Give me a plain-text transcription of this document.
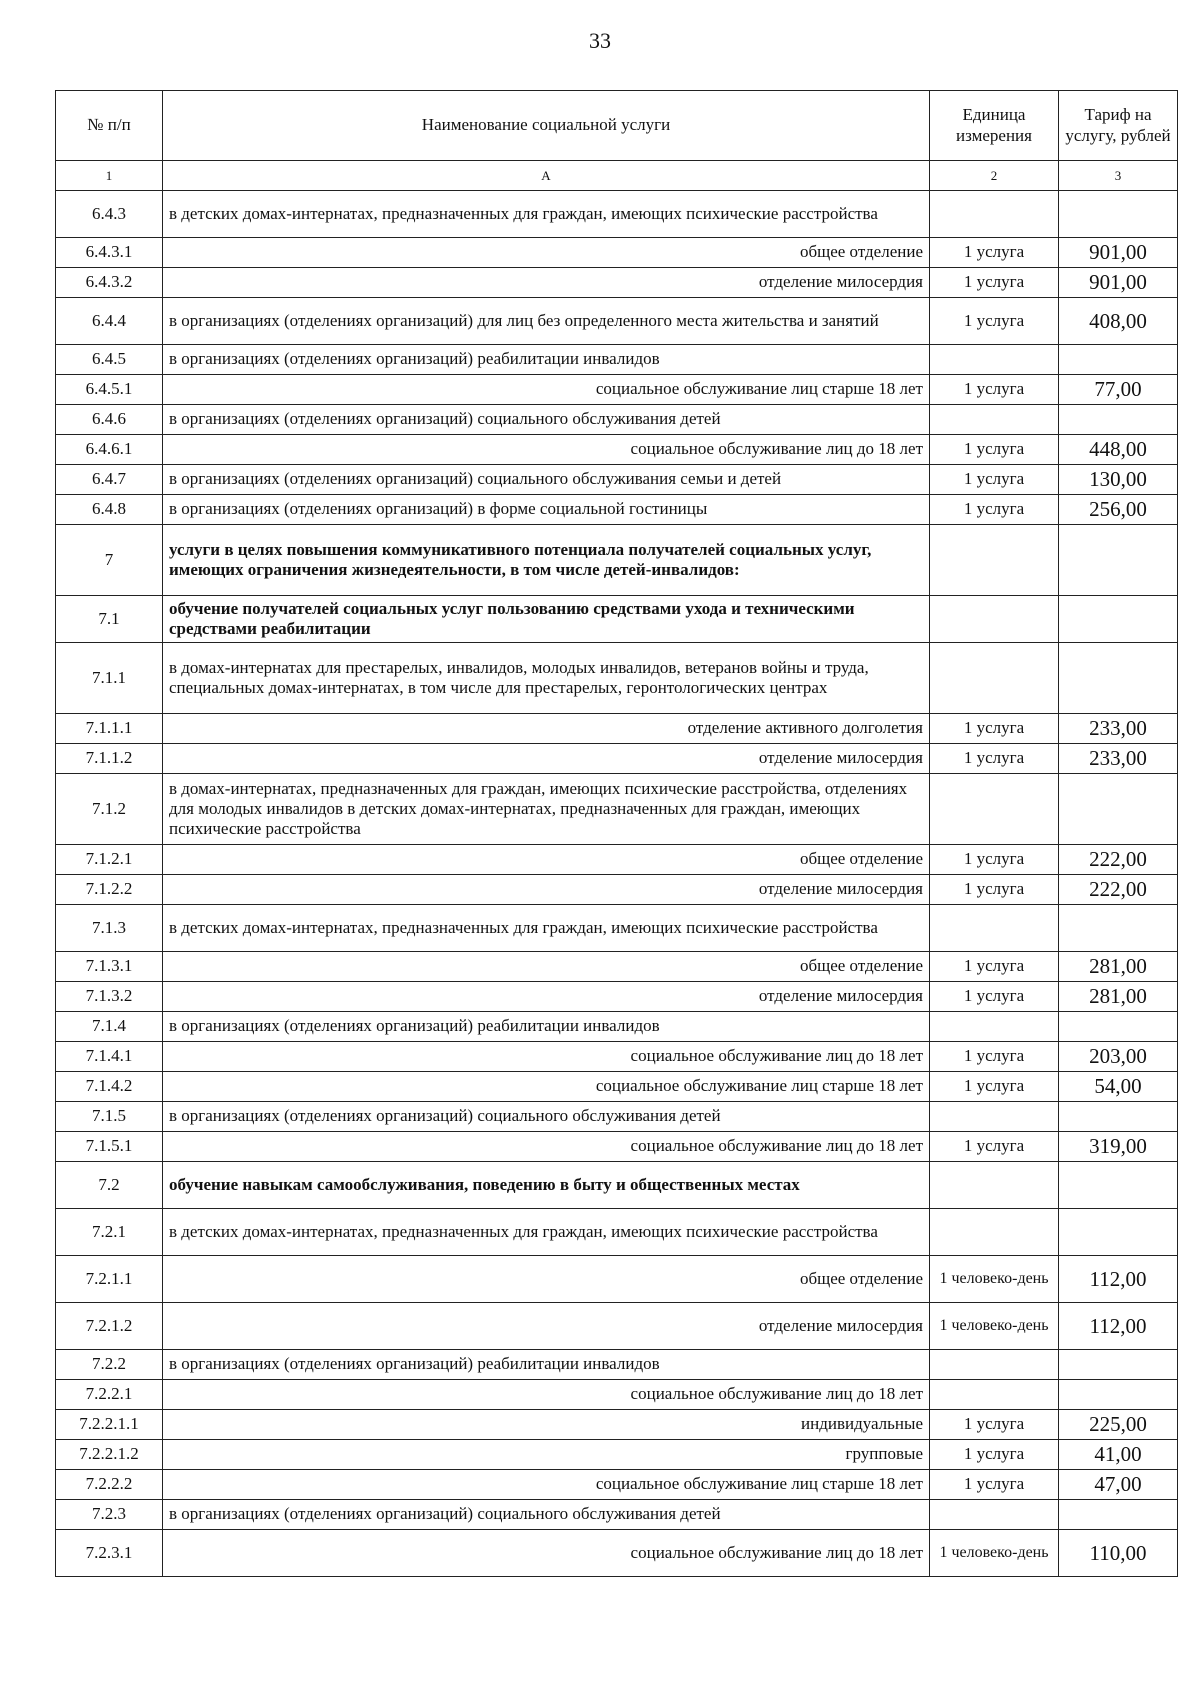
33
№ п/п	Наименование социальной услуги	Единица измерения	Тариф на услугу, рублей
1	А	2	3
6.4.3	в детских домах-интернатах, предназначенных для граждан, имеющих психические расстройства		
6.4.3.1	общее отделение	1 услуга	901,00
6.4.3.2	отделение милосердия	1 услуга	901,00
6.4.4	в организациях (отделениях организаций) для лиц без определенного места жительства и занятий	1 услуга	408,00
6.4.5	в организациях (отделениях организаций) реабилитации инвалидов		
6.4.5.1	социальное обслуживание лиц старше 18 лет	1 услуга	77,00
6.4.6	в организациях (отделениях организаций) социального обслуживания детей		
6.4.6.1	социальное обслуживание лиц до 18 лет	1 услуга	448,00
6.4.7	в организациях (отделениях организаций) социального обслуживания семьи и детей	1 услуга	130,00
6.4.8	в организациях (отделениях организаций) в форме социальной гостиницы	1 услуга	256,00
7	услуги в целях повышения коммуникативного потенциала получателей социальных услуг, имеющих ограничения жизнедеятельности, в том числе детей-инвалидов:		
7.1	обучение получателей социальных услуг пользованию средствами ухода и техническими средствами реабилитации		
7.1.1	в домах-интернатах для престарелых, инвалидов, молодых инвалидов, ветеранов войны и труда, специальных домах-интернатах, в том числе для престарелых, геронтологических центрах		
7.1.1.1	отделение активного долголетия	1 услуга	233,00
7.1.1.2	отделение милосердия	1 услуга	233,00
7.1.2	в домах-интернатах, предназначенных для граждан, имеющих психические расстройства, отделениях для молодых инвалидов в детских домах-интернатах, предназначенных для граждан, имеющих психические расстройства		
7.1.2.1	общее отделение	1 услуга	222,00
7.1.2.2	отделение милосердия	1 услуга	222,00
7.1.3	в детских домах-интернатах, предназначенных для граждан, имеющих психические расстройства		
7.1.3.1	общее отделение	1 услуга	281,00
7.1.3.2	отделение милосердия	1 услуга	281,00
7.1.4	в организациях (отделениях организаций) реабилитации инвалидов		
7.1.4.1	социальное обслуживание лиц до 18 лет	1 услуга	203,00
7.1.4.2	социальное обслуживание лиц старше 18 лет	1 услуга	54,00
7.1.5	в организациях (отделениях организаций) социального обслуживания детей		
7.1.5.1	социальное обслуживание лиц до 18 лет	1 услуга	319,00
7.2	обучение навыкам самообслуживания, поведению в быту и общественных местах		
7.2.1	в детских домах-интернатах, предназначенных для граждан, имеющих психические расстройства		
7.2.1.1	общее отделение	1 человеко-день	112,00
7.2.1.2	отделение милосердия	1 человеко-день	112,00
7.2.2	в организациях (отделениях организаций) реабилитации инвалидов		
7.2.2.1	социальное обслуживание лиц до 18 лет		
7.2.2.1.1	индивидуальные	1 услуга	225,00
7.2.2.1.2	групповые	1 услуга	41,00
7.2.2.2	социальное обслуживание лиц старше 18 лет	1 услуга	47,00
7.2.3	в организациях (отделениях организаций) социального обслуживания детей		
7.2.3.1	социальное обслуживание лиц до 18 лет	1 человеко-день	110,00
